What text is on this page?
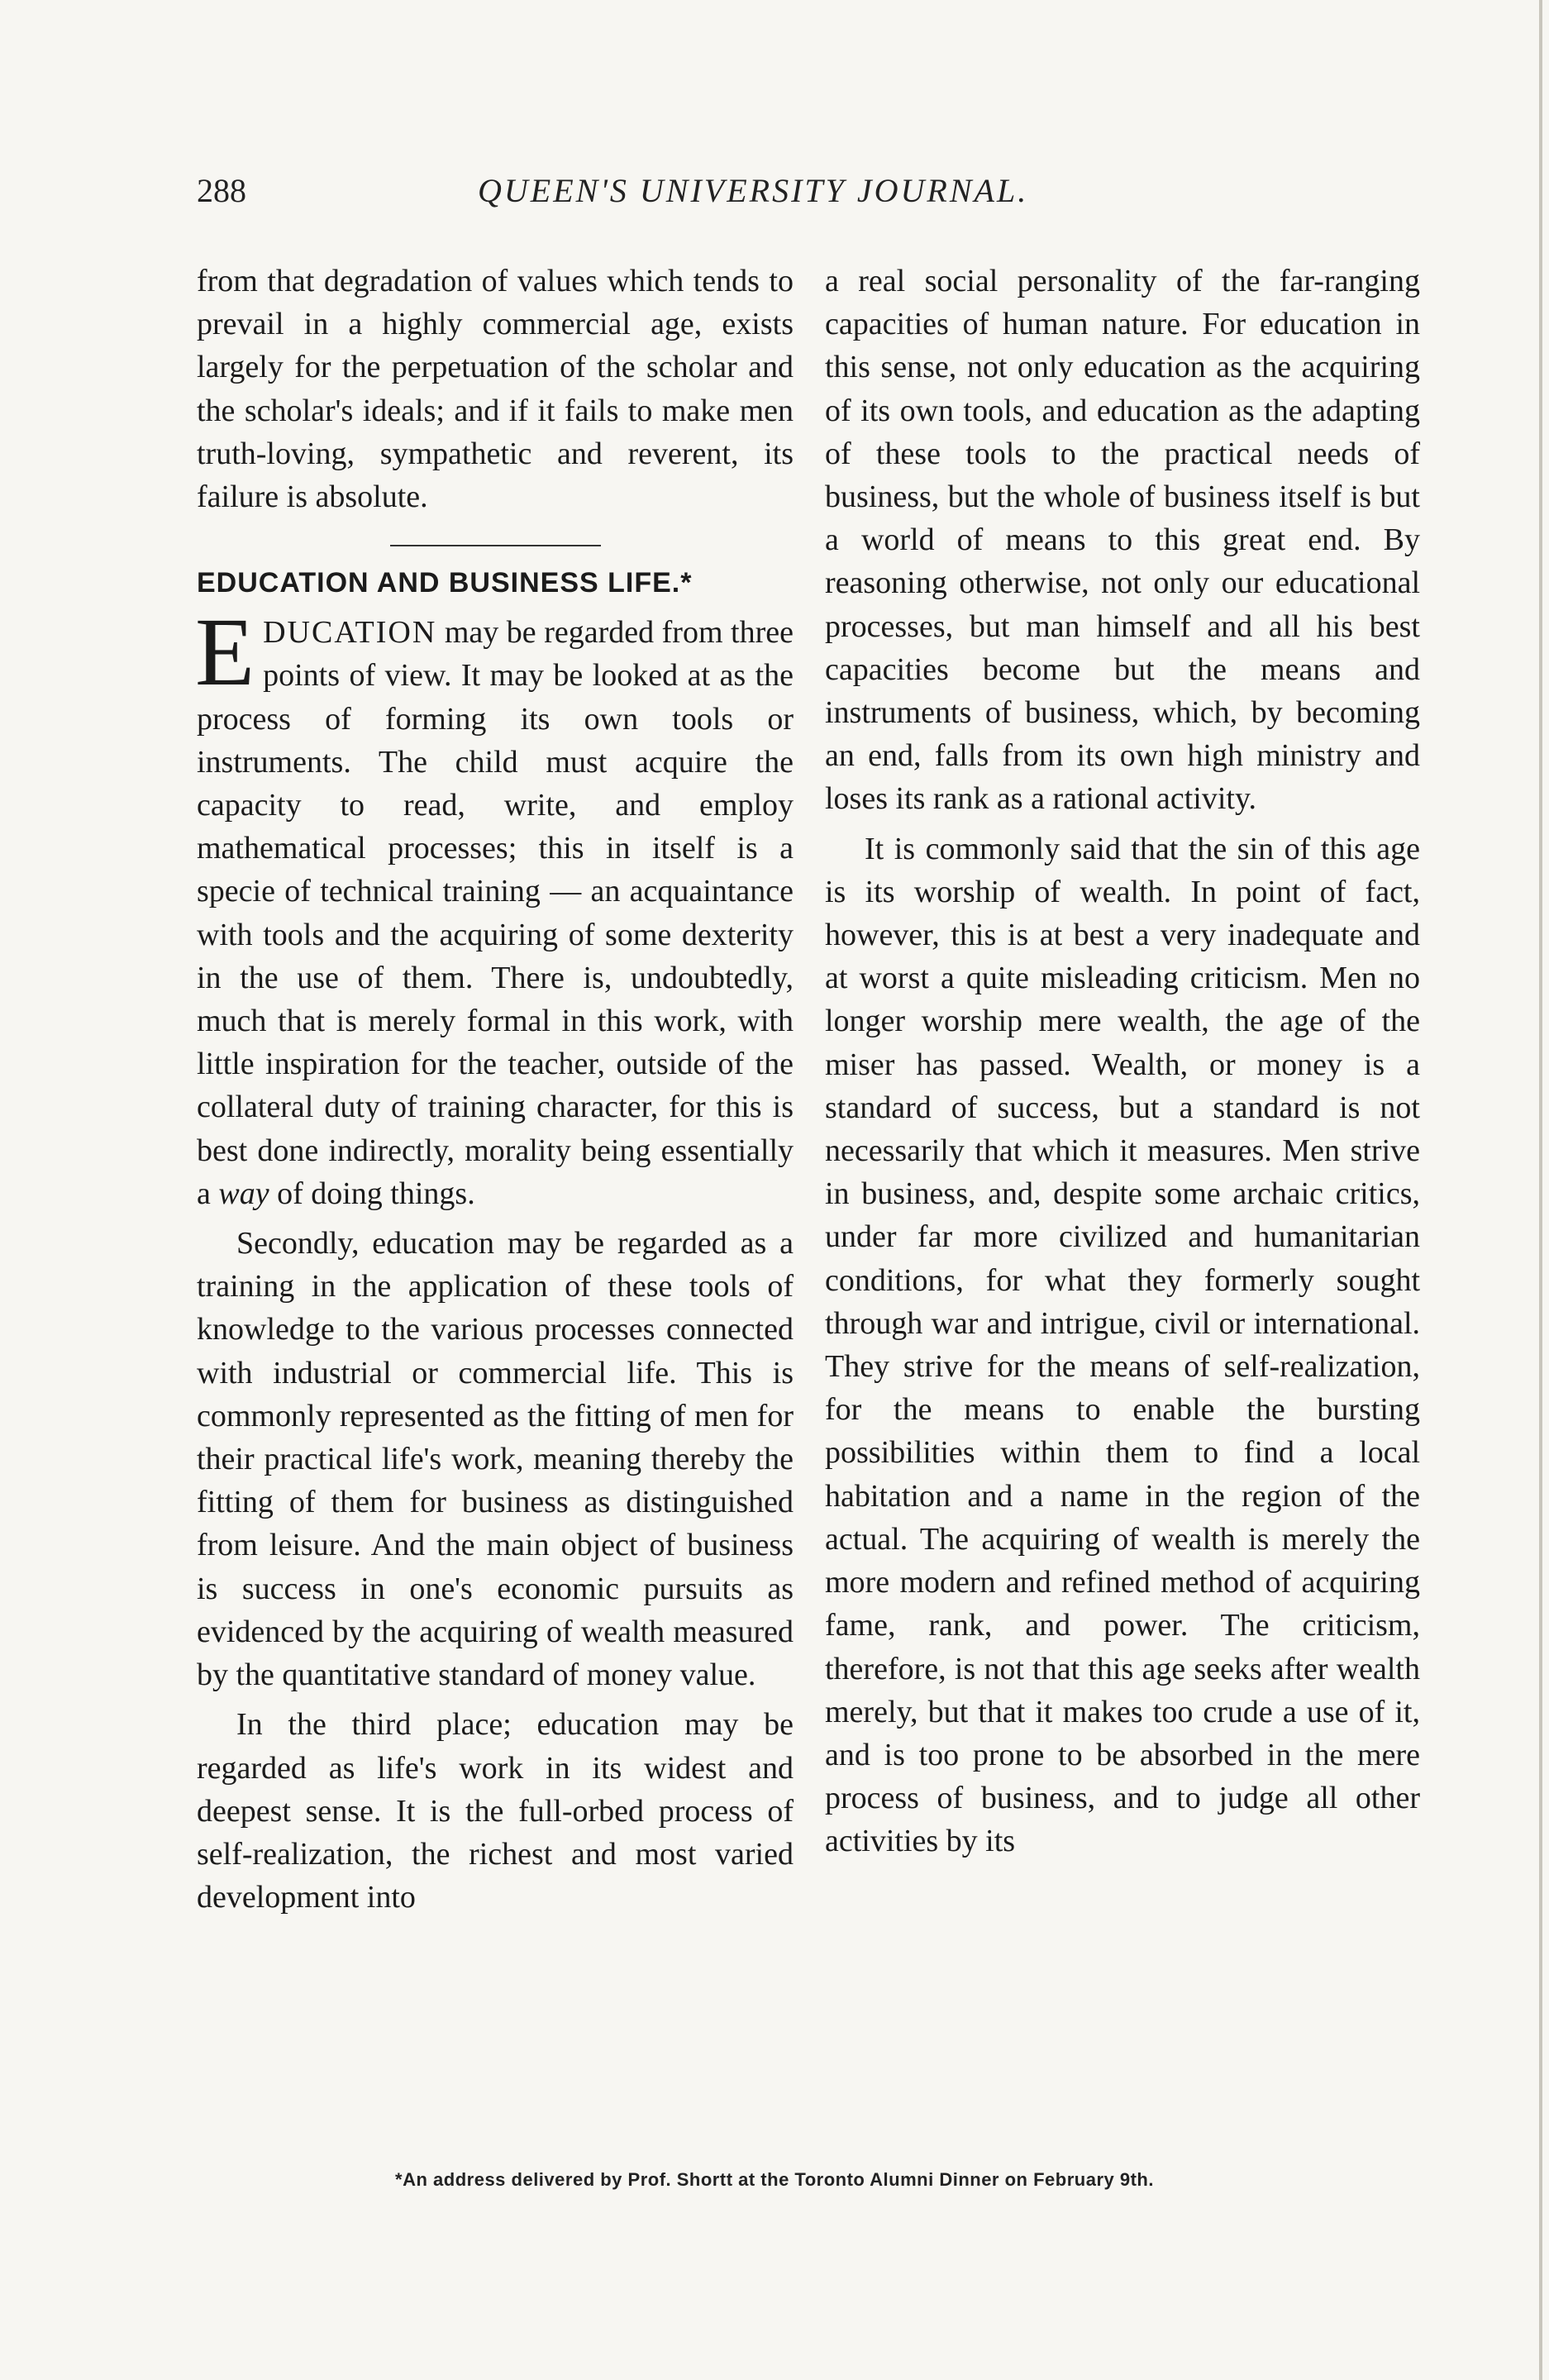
288	QUEEN'S UNIVERSITY JOURNAL.

from that degradation of values which tends to prevail in a highly commercial age, exists largely for the perpetuation of the scholar and the scholar's ideals; and if it fails to make men truth-loving, sympathetic and reverent, its failure is absolute.

EDUCATION AND BUSINESS LIFE.*

EDUCATION may be regarded from three points of view. It may be looked at as the process of forming its own tools or instruments. The child must acquire the capacity to read, write, and employ mathematical processes; this in itself is a specie of technical training — an acquaintance with tools and the acquiring of some dexterity in the use of them. There is, undoubtedly, much that is merely formal in this work, with little inspiration for the teacher, outside of the collateral duty of training character, for this is best done indirectly, morality being essentially a way of doing things.

Secondly, education may be regarded as a training in the application of these tools of knowledge to the various processes connected with industrial or commercial life. This is commonly represented as the fitting of men for their practical life's work, meaning thereby the fitting of them for business as distinguished from leisure. And the main object of business is success in one's economic pursuits as evidenced by the acquiring of wealth measured by the quantitative standard of money value.

In the third place; education may be regarded as life's work in its widest and deepest sense. It is the full-orbed process of self-realization, the richest and most varied development into

a real social personality of the far-ranging capacities of human nature. For education in this sense, not only education as the acquiring of its own tools, and education as the adapting of these tools to the practical needs of business, but the whole of business itself is but a world of means to this great end. By reasoning otherwise, not only our educational processes, but man himself and all his best capacities become but the means and instruments of business, which, by becoming an end, falls from its own high ministry and loses its rank as a rational activity.

It is commonly said that the sin of this age is its worship of wealth. In point of fact, however, this is at best a very inadequate and at worst a quite misleading criticism. Men no longer worship mere wealth, the age of the miser has passed. Wealth, or money is a standard of success, but a standard is not necessarily that which it measures. Men strive in business, and, despite some archaic critics, under far more civilized and humanitarian conditions, for what they formerly sought through war and intrigue, civil or international. They strive for the means of self-realization, for the means to enable the bursting possibilities within them to find a local habitation and a name in the region of the actual. The acquiring of wealth is merely the more modern and refined method of acquiring fame, rank, and power. The criticism, therefore, is not that this age seeks after wealth merely, but that it makes too crude a use of it, and is too prone to be absorbed in the mere process of business, and to judge all other activities by its

*An address delivered by Prof. Shortt at the Toronto Alumni Dinner on February 9th.
